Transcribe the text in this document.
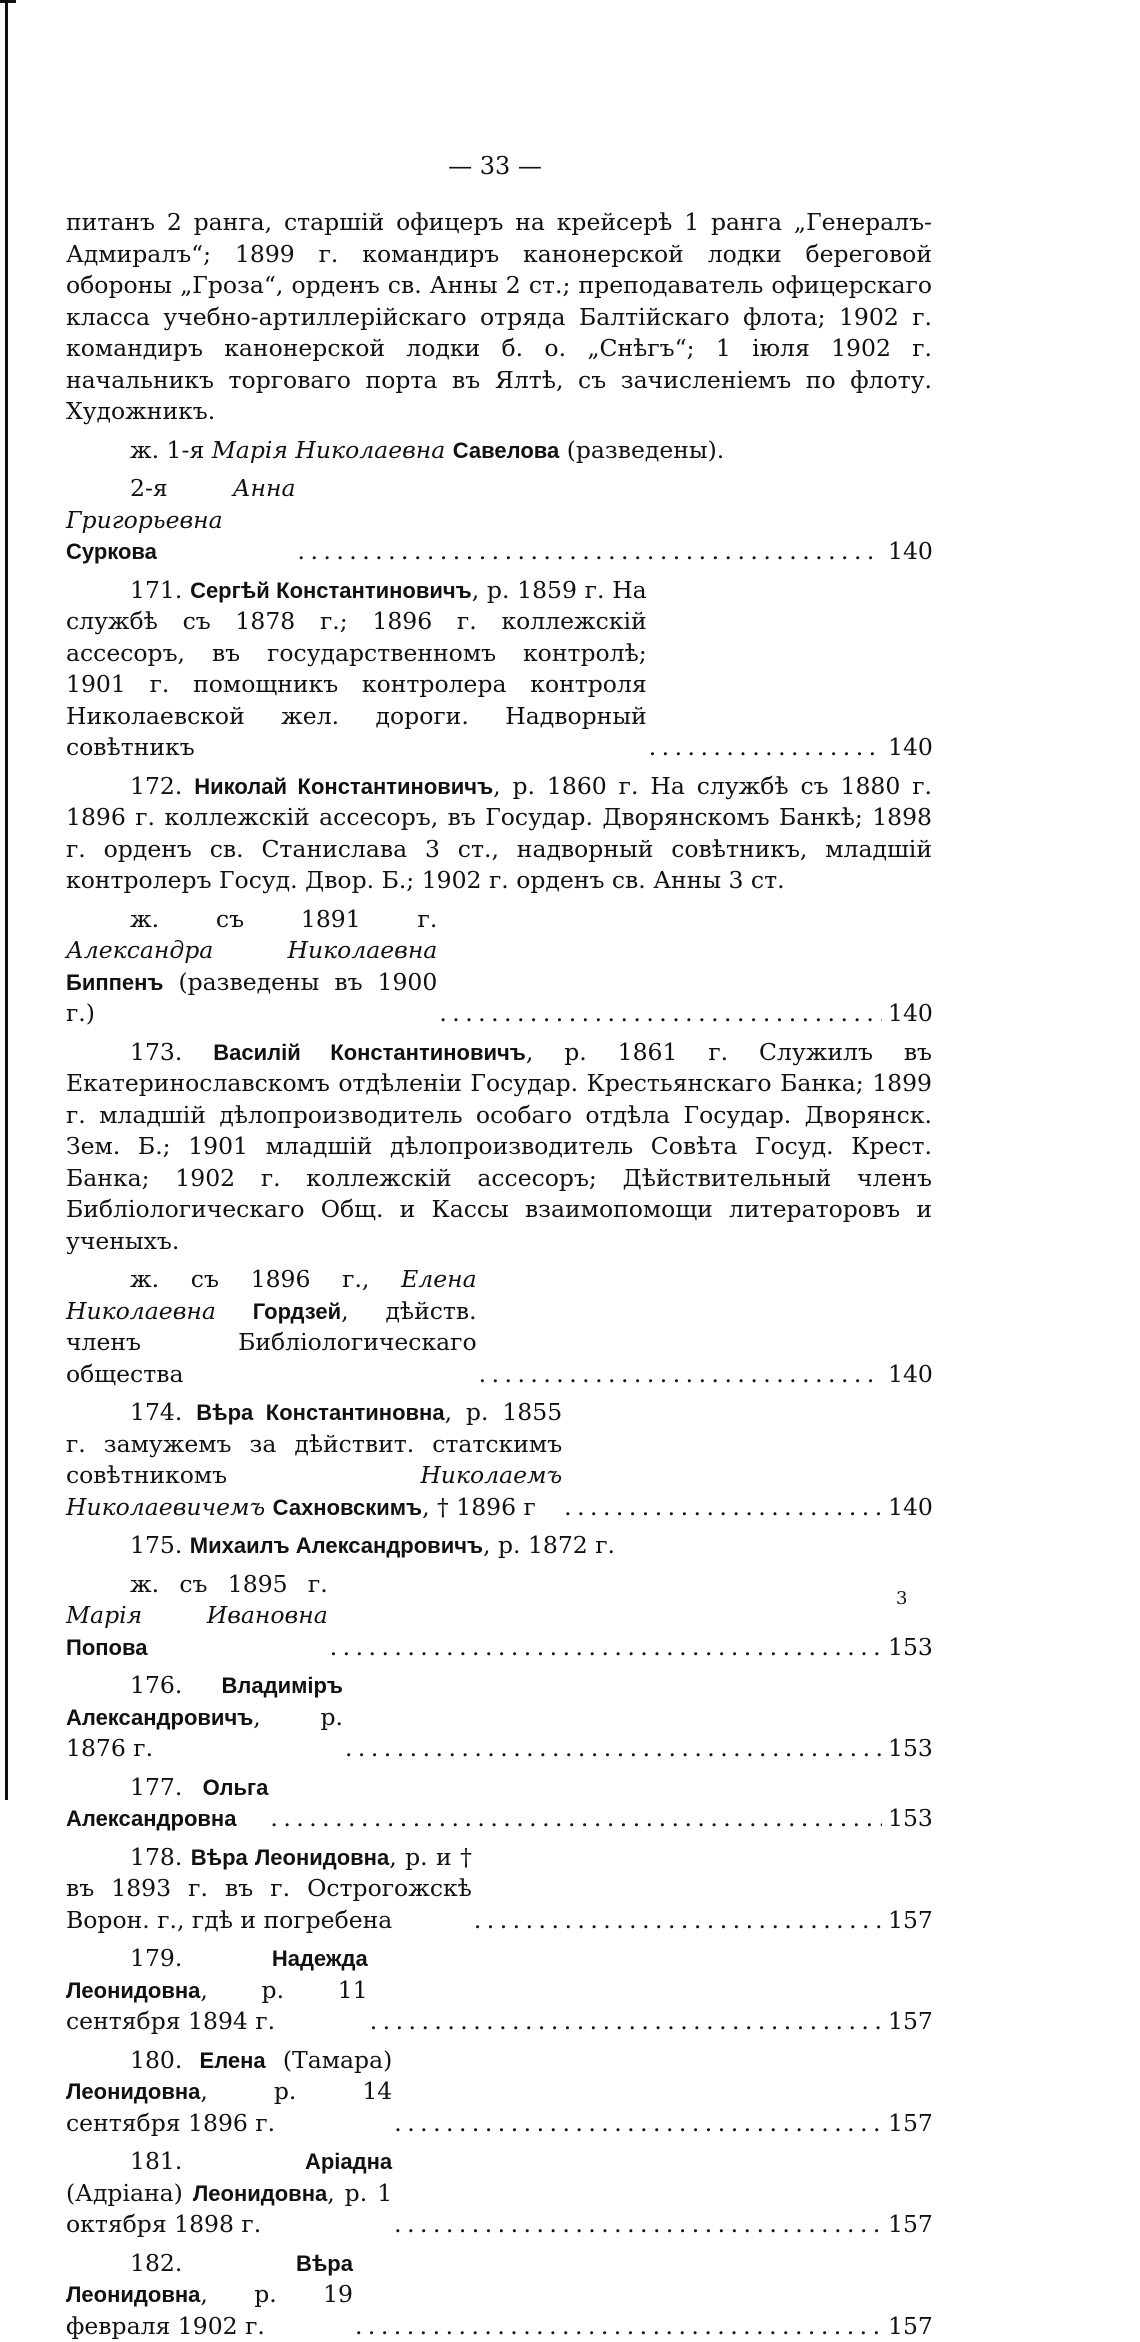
— 33 —

питанъ 2 ранга, старшій офицеръ на крейсерѣ 1 ранга „Генералъ-Адмиралъ“; 1899 г. командиръ канонерской лодки береговой обороны „Гроза“, орденъ св. Анны 2 ст.; преподаватель офицерскаго класса учебно-артиллерійскаго отряда Балтійскаго флота; 1902 г. командиръ канонерской лодки б. о. „Снѣгъ“; 1 іюля 1902 г. начальникъ торговаго порта въ Ялтѣ, съ зачисленіемъ по флоту. Художникъ.

ж. 1-я Марія Николаевна Савелова (разведены).

2-я Анна Григорьевна Суркова . . .	140
171. Сергѣй Константиновичъ, р. 1859 г. На службѣ съ 1878 г.; 1896 г. коллежскій ассесоръ, въ государственномъ контролѣ; 1901 г. помощникъ контролера контроля Николаевской жел. дороги. Надворный совѣтникъ . . .	140

172. Николай Константиновичъ, р. 1860 г. На службѣ съ 1880 г. 1896 г. коллежскій ассесоръ, въ Государ. Дворянскомъ Банкѣ; 1898 г. орденъ св. Станислава 3 ст., надворный совѣтникъ, младшій контролеръ Госуд. Двор. Б.; 1902 г. орденъ св. Анны 3 ст.

ж. съ 1891 г. Александра Николаевна Биппенъ (разведены въ 1900 г.) . . .	140

173. Василій Константиновичъ, р. 1861 г. Служилъ въ Екатеринославскомъ отдѣленіи Государ. Крестьянскаго Банка; 1899 г. младшій дѣлопроизводитель особаго отдѣла Государ. Дворянск. Зем. Б.; 1901 младшій дѣлопроизводитель Совѣта Госуд. Крест. Банка; 1902 г. коллежскій ассесоръ; Дѣйствительный членъ Библіологическаго Общ. и Кассы взаимопомощи литераторовъ и ученыхъ.

ж. съ 1896 г., Елена Николаевна Гордзей, дѣйств. членъ Библіологическаго общества . . .	140
174. Вѣра Константиновна, р. 1855 г. замужемъ за дѣйствит. статскимъ совѣтникомъ Николаемъ Николаевичемъ Сахновскимъ, † 1896 г . . .	140

175. Михаилъ Александровичъ, р. 1872 г.

ж. съ 1895 г. Марія Ивановна Попова . . .	153
176. Владиміръ Александровичъ, р. 1876 г. . . .	153
177. Ольга Александровна . . .	153
178. Вѣра Леонидовна, р. и † въ 1893 г. въ г. Острогожскѣ Ворон. г., гдѣ и погребена . . .	157
179. Надежда Леонидовна, р. 11 сентября 1894 г. . . .	157
180. Елена (Тамара) Леонидовна, р. 14 сентября 1896 г. . . .	157
181. Аріадна (Адріана) Леонидовна, р. 1 октября 1898 г. . . .	157
182. Вѣра Леонидовна, р. 19 февраля 1902 г. . . .	157
3
